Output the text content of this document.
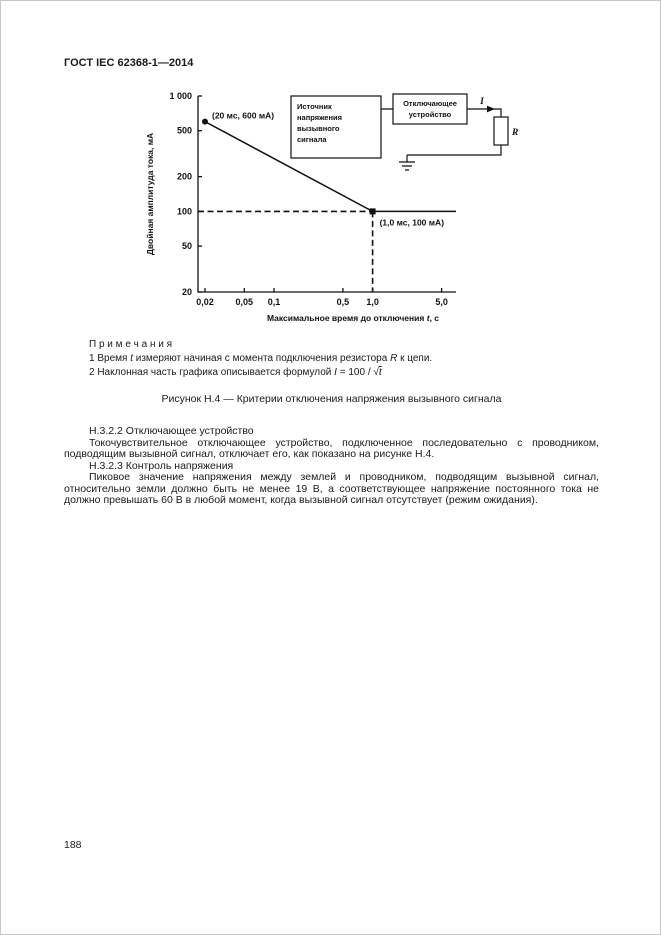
ГОСТ IEC 62368-1—2014
Источник
напряжения
вызывного
сигнала
Отключающее
устройство
I
R
0,02 0,05 0,1	0,5 1,0	5,0
1 000
500
200
100
50
20
(20 мс, 600 мА)
(1,0 мс, 100 мА)
Двойная амплитуда тока, мА
Максимальное время до отключения t, с
П р и м е ч а н и я
1 Время t измеряют начиная с момента подключения резистора R к цепи.
2 Наклонная часть графика описывается формулой I = 100 / √t
Рисунок Н.4 — Критерии отключения напряжения вызывного сигнала
Н.3.2.2 Отключающее устройство

Токочувствительное отключающее устройство, подключенное последовательно с проводником, подводящим вызывной сигнал, отключает его, как показано на рисунке Н.4.

Н.3.2.3 Контроль напряжения

Пиковое значение напряжения между землей и проводником, подводящим вызывной сигнал, относительно земли должно быть не менее 19 В, а соответствующее напряжение постоянного тока не должно превышать 60 В в любой момент, когда вызывной сигнал отсутствует (режим ожидания).

188
